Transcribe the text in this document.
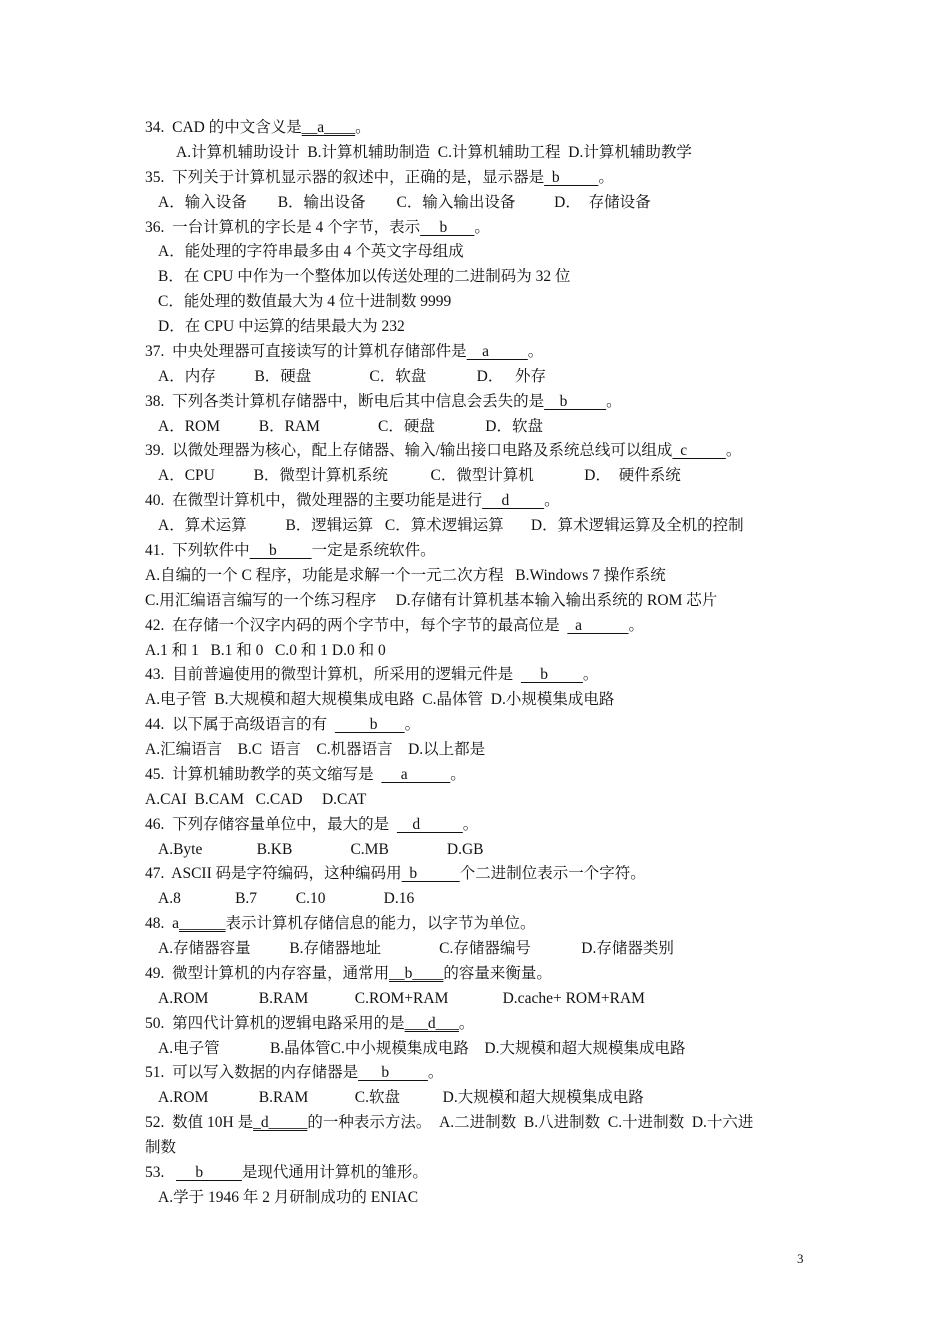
34.  CAD 的中文含义是__a____。
A.计算机辅助设计  B.计算机辅助制造  C.计算机辅助工程  D.计算机辅助教学
35.  下列关于计算机显示器的叙述中，正确的是，显示器是  b          。
A．输入设备        B．输出设备        C．输入输出设备          D．  存储设备
36.  一台计算机的字长是 4 个字节，表示     b       。
A．能处理的字符串最多由 4 个英文字母组成
B．在 CPU 中作为一个整体加以传送处理的二进制码为 32 位
C．能处理的数值最大为 4 位十进制数 9999
D．在 CPU 中运算的结果最大为 232
37.  中央处理器可直接读写的计算机存储部件是    a          。
A．内存          B．硬盘               C．软盘             D．   外存
38.  下列各类计算机存储器中，断电后其中信息会丢失的是    b          。
A．ROM          B．RAM               C．硬盘             D．软盘
39.  以微处理器为核心，配上存储器、输入/输出接口电路及系统总线可以组成  c          。
A．CPU          B．微型计算机系统           C．微型计算机             D．  硬件系统
40.  在微型计算机中，微处理器的主要功能是进行     d         。
A．算术运算          B．逻辑运算   C．算术逻辑运算       D．算术逻辑运算及全机的控制
41.  下列软件中     b         一定是系统软件。
A.自编的一个 C 程序，功能是求解一个一元二次方程   B.Windows 7 操作系统
C.用汇编语言编写的一个练习程序     D.存储有计算机基本输入输出系统的 ROM 芯片
42.  在存储一个汉字内码的两个字节中，每个字节的最高位是    a            。
A.1 和 1   B.1 和 0   C.0 和 1 D.0 和 0
43.  目前普遍使用的微型计算机，所采用的逻辑元件是       b         。
A.电子管  B.大规模和超大规模集成电路  C.晶体管  D.小规模集成电路
44.  以下属于高级语言的有           b       。
A.汇编语言    B.C  语言    C.机器语言    D.以上都是
45.  计算机辅助教学的英文缩写是       a           。
A.CAI  B.CAM   C.CAD     D.CAT
46.  下列存储容量单位中，最大的是      d           。
A.Byte              B.KB               C.MB               D.GB
47.  ASCII 码是字符编码，这种编码用  b           个二进制位表示一个字符。
A.8              B.7          C.10               D.16
48.  a______表示计算机存储信息的能力，以字节为单位。
A.存储器容量          B.存储器地址               C.存储器编号             D.存储器类别
49.  微型计算机的内存容量，通常用__b____的容量来衡量。
A.ROM             B.RAM            C.ROM+RAM              D.cache+ ROM+RAM
50.  第四代计算机的逻辑电路采用的是___d___。
A.电子管             B.晶体管C.中小规模集成电路    D.大规模和超大规模集成电路
51.  可以写入数据的内存储器是      b          。
A.ROM             B.RAM            C.软盘           D.大规模和超大规模集成电路
52.  数值 10H 是_d_____的一种表示方法。  A.二进制数  B.八进制数  C.十进制数  D.十六进
制数
53.        b          是现代通用计算机的雏形。
A.学于 1946 年 2 月研制成功的 ENIAC
3
